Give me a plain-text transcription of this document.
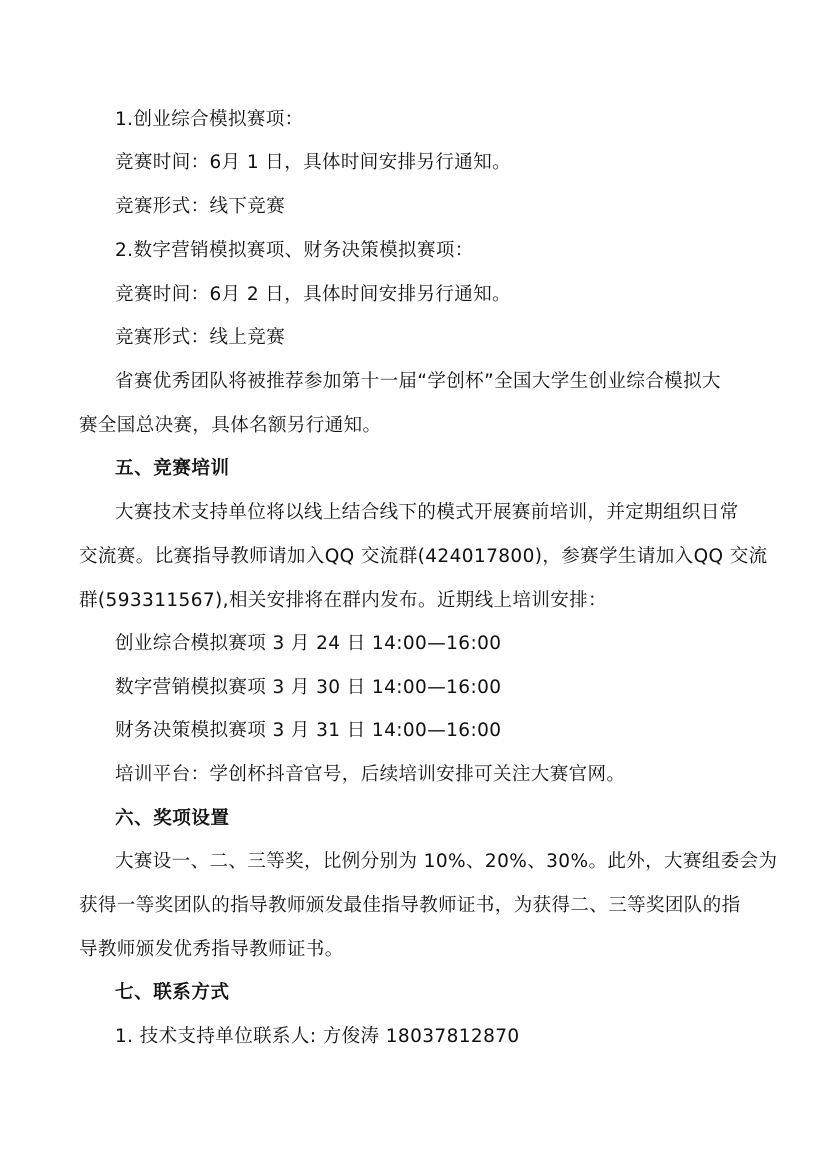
1.创业综合模拟赛项：
竞赛时间：6月 1 日，具体时间安排另行通知。
竞赛形式：线下竞赛
2.数字营销模拟赛项、财务决策模拟赛项：
竞赛时间：6月 2 日，具体时间安排另行通知。
竞赛形式：线上竞赛
省赛优秀团队将被推荐参加第十一届“学创杯”全国大学生创业综合模拟大
赛全国总决赛，具体名额另行通知。
五、竞赛培训
大赛技术支持单位将以线上结合线下的模式开展赛前培训，并定期组织日常
交流赛。比赛指导教师请加入QQ 交流群(424017800)，参赛学生请加入QQ 交流
群(593311567),相关安排将在群内发布。近期线上培训安排：
创业综合模拟赛项 3 月 24 日 14:00—16:00
数字营销模拟赛项 3 月 30 日 14:00—16:00
财务决策模拟赛项 3 月 31 日 14:00—16:00
培训平台：学创杯抖音官号，后续培训安排可关注大赛官网。
六、奖项设置
大赛设一、二、三等奖，比例分别为 10%、20%、30%。此外，大赛组委会为
获得一等奖团队的指导教师颁发最佳指导教师证书，为获得二、三等奖团队的指
导教师颁发优秀指导教师证书。
七、联系方式
1. 技术支持单位联系人: 方俊涛 18037812870
